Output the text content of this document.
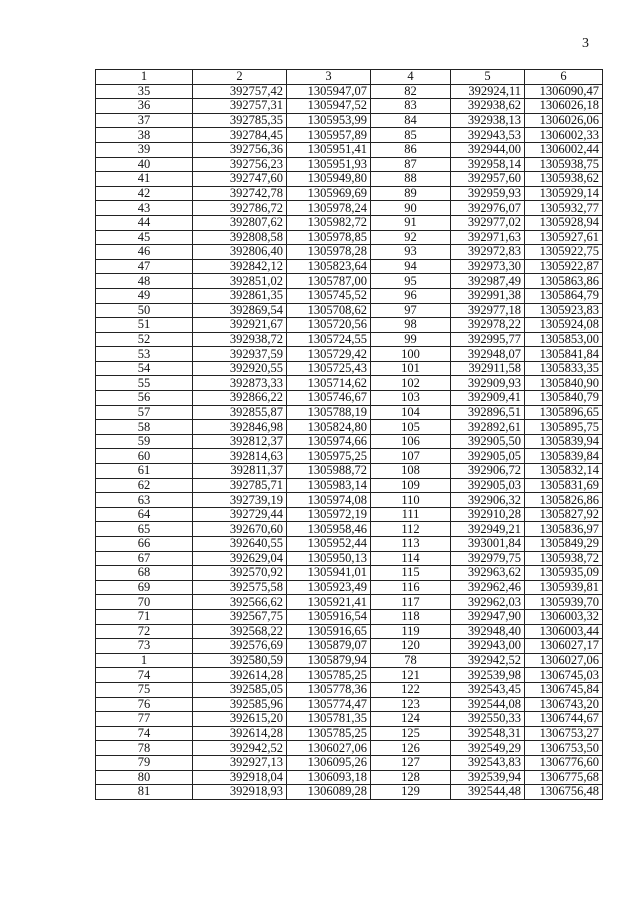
3
1	2	3	4	5	6
35	392757,42	1305947,07	82	392924,11	1306090,47
36	392757,31	1305947,52	83	392938,62	1306026,18
37	392785,35	1305953,99	84	392938,13	1306026,06
38	392784,45	1305957,89	85	392943,53	1306002,33
39	392756,36	1305951,41	86	392944,00	1306002,44
40	392756,23	1305951,93	87	392958,14	1305938,75
41	392747,60	1305949,80	88	392957,60	1305938,62
42	392742,78	1305969,69	89	392959,93	1305929,14
43	392786,72	1305978,24	90	392976,07	1305932,77
44	392807,62	1305982,72	91	392977,02	1305928,94
45	392808,58	1305978,85	92	392971,63	1305927,61
46	392806,40	1305978,28	93	392972,83	1305922,75
47	392842,12	1305823,64	94	392973,30	1305922,87
48	392851,02	1305787,00	95	392987,49	1305863,86
49	392861,35	1305745,52	96	392991,38	1305864,79
50	392869,54	1305708,62	97	392977,18	1305923,83
51	392921,67	1305720,56	98	392978,22	1305924,08
52	392938,72	1305724,55	99	392995,77	1305853,00
53	392937,59	1305729,42	100	392948,07	1305841,84
54	392920,55	1305725,43	101	392911,58	1305833,35
55	392873,33	1305714,62	102	392909,93	1305840,90
56	392866,22	1305746,67	103	392909,41	1305840,79
57	392855,87	1305788,19	104	392896,51	1305896,65
58	392846,98	1305824,80	105	392892,61	1305895,75
59	392812,37	1305974,66	106	392905,50	1305839,94
60	392814,63	1305975,25	107	392905,05	1305839,84
61	392811,37	1305988,72	108	392906,72	1305832,14
62	392785,71	1305983,14	109	392905,03	1305831,69
63	392739,19	1305974,08	110	392906,32	1305826,86
64	392729,44	1305972,19	111	392910,28	1305827,92
65	392670,60	1305958,46	112	392949,21	1305836,97
66	392640,55	1305952,44	113	393001,84	1305849,29
67	392629,04	1305950,13	114	392979,75	1305938,72
68	392570,92	1305941,01	115	392963,62	1305935,09
69	392575,58	1305923,49	116	392962,46	1305939,81
70	392566,62	1305921,41	117	392962,03	1305939,70
71	392567,75	1305916,54	118	392947,90	1306003,32
72	392568,22	1305916,65	119	392948,40	1306003,44
73	392576,69	1305879,07	120	392943,00	1306027,17
1	392580,59	1305879,94	78	392942,52	1306027,06
74	392614,28	1305785,25	121	392539,98	1306745,03
75	392585,05	1305778,36	122	392543,45	1306745,84
76	392585,96	1305774,47	123	392544,08	1306743,20
77	392615,20	1305781,35	124	392550,33	1306744,67
74	392614,28	1305785,25	125	392548,31	1306753,27
78	392942,52	1306027,06	126	392549,29	1306753,50
79	392927,13	1306095,26	127	392543,83	1306776,60
80	392918,04	1306093,18	128	392539,94	1306775,68
81	392918,93	1306089,28	129	392544,48	1306756,48
